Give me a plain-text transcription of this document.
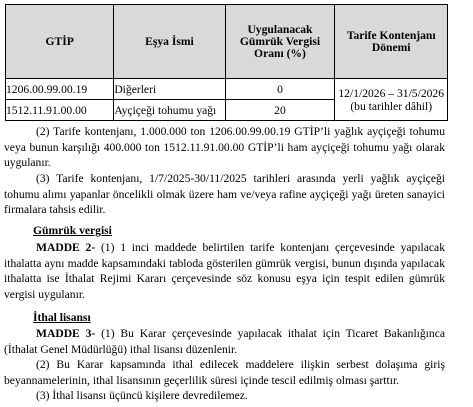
GTİP	Eşya İsmi	Uygulanacak Gümrük Vergisi Oranı (%)	Tarife Kontenjanı Dönemi
1206.00.99.00.19	Diğerleri	0	12/1/2026 – 31/5/2026
(bu tarihler dâhil)
1512.11.91.00.00	Ayçiçeği tohumu yağı	20	
(2) Tarife kontenjanı, 1.000.000 ton 1206.00.99.00.19 GTİP’li yağlık ayçiçeği tohumu veya bunun karşılığı 400.000 ton 1512.11.91.00.00 GTİP’li ham ayçiçeği tohumu yağı olarak uygulanır.
(3) Tarife kontenjanı, 1/7/2025-30/11/2025 tarihleri arasında yerli yağlık ayçiçeği tohumu alımı yapanlar öncelikli olmak üzere ham ve/veya rafine ayçiçeği yağı üreten sanayici firmalara tahsis edilir.
Gümrük vergisi
MADDE 2- (1) 1 inci maddede belirtilen tarife kontenjanı çerçevesinde yapılacak ithalatta aynı madde kapsamındaki tabloda gösterilen gümrük vergisi, bunun dışında yapılacak ithalatta ise İthalat Rejimi Kararı çerçevesinde söz konusu eşya için tespit edilen gümrük vergisi uygulanır.
İthal lisansı
MADDE 3- (1) Bu Karar çerçevesinde yapılacak ithalat için Ticaret Bakanlığınca (İthalat Genel Müdürlüğü) ithal lisansı düzenlenir.
(2) Bu Karar kapsamında ithal edilecek maddelere ilişkin serbest dolaşıma giriş beyannamelerinin, ithal lisansının geçerlilik süresi içinde tescil edilmiş olması şarttır.
(3) İthal lisansı üçüncü kişilere devredilemez.
